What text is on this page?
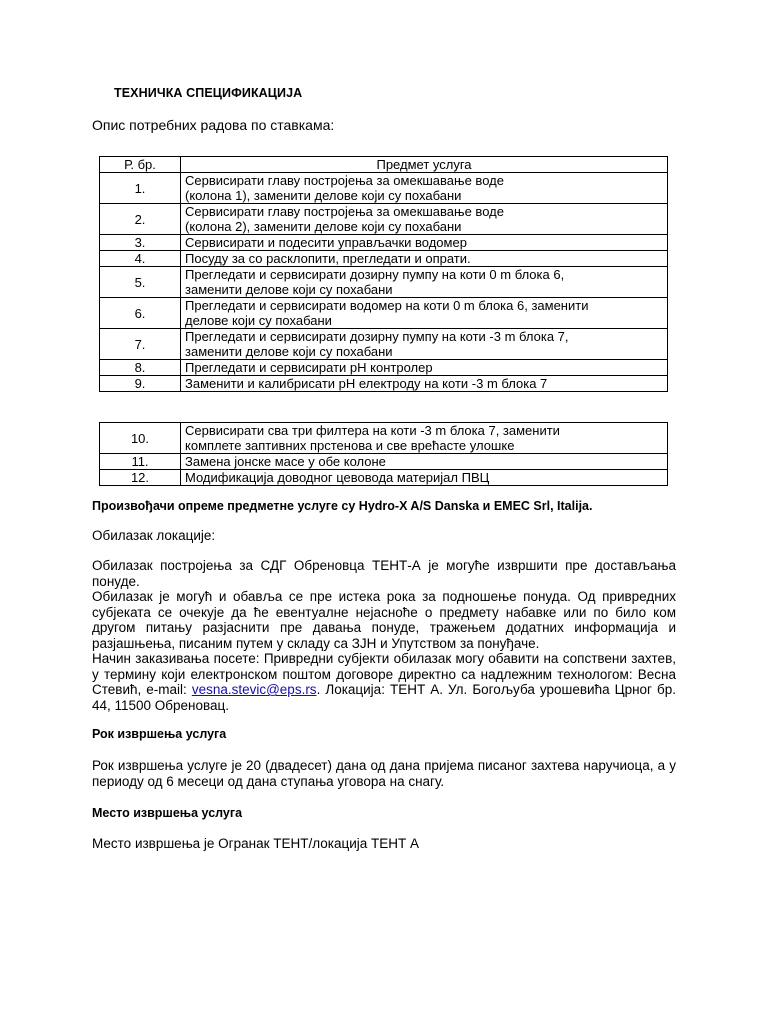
ТЕХНИЧКА СПЕЦИФИКАЦИЈА
Опис потребних радова по ставкама:
Р. бр.	Предмет услуга
1.	Сервисирати главу постројења за омекшавање воде
(колона 1), заменити делове који су похабани

2.	Сервисирати главу постројења за омекшавање воде
(колона 2), заменити делове који су похабани

3.	Сервисирати и подесити управљачки водомер

4.	Посуду за со расклопити, прегледати и опрати.

5.	Прегледати и сервисирати дозирну пумпу на коти 0 m блока 6,
заменити делове који су похабани

6.	Прегледати и сервисирати водомер на коти 0 m блока 6, заменити
делове који су похабани

7.	Прегледати и сервисирати дозирну пумпу на коти -3 m блока 7,
заменити делове који су похабани

8.	Прегледати и сервисирати pH контролер

9.	Заменити и калибрисати pH електроду на коти -3 m блока 7
10.	Сервисирати сва три филтера на коти -3 m блока 7, заменити
комплете заптивних прстенова и све врећасте улошке

11.	Замена јонске масе у обе колоне

12.	Модификација доводног цевовода материјал ПВЦ
Произвођачи опреме предметне услуге су Hydro-X A/S Danska и EMEC Srl, Italija.
Обилазак локације:
Обилазак постројења за СДГ Обреновца ТЕНТ-А је могуће извршити пре достављања понуде.
Обилазак је могућ и обавља се пре истека рока за подношење понуда. Од привредних субјеката се очекује да ће евентуалне нејасноће о предмету набавке или по било ком другом питању разјаснити пре давања понуде, тражењем додатних информација и разјашњења, писаним путем у складу са ЗЈН и Упутством за понуђаче.
Начин заказивања посете: Привредни субјекти обилазак могу обавити на сопствени захтев, у термину који електронском поштом договоре директно са надлежним технологом: Весна Стевић, e-mail: vesna.stevic@eps.rs. Локација: ТЕНТ А. Ул. Богољуба урошевића Црног бр. 44, 11500 Обреновац.
Рок извршења услуга
Рок извршења услуге је 20 (двадесет) дана од дана пријема писаног захтева наручиоца, а у периоду од 6 месеци од дана ступања уговора на снагу.
Место извршења услуга
Место извршења је Огранак ТЕНТ/локација ТЕНТ А
